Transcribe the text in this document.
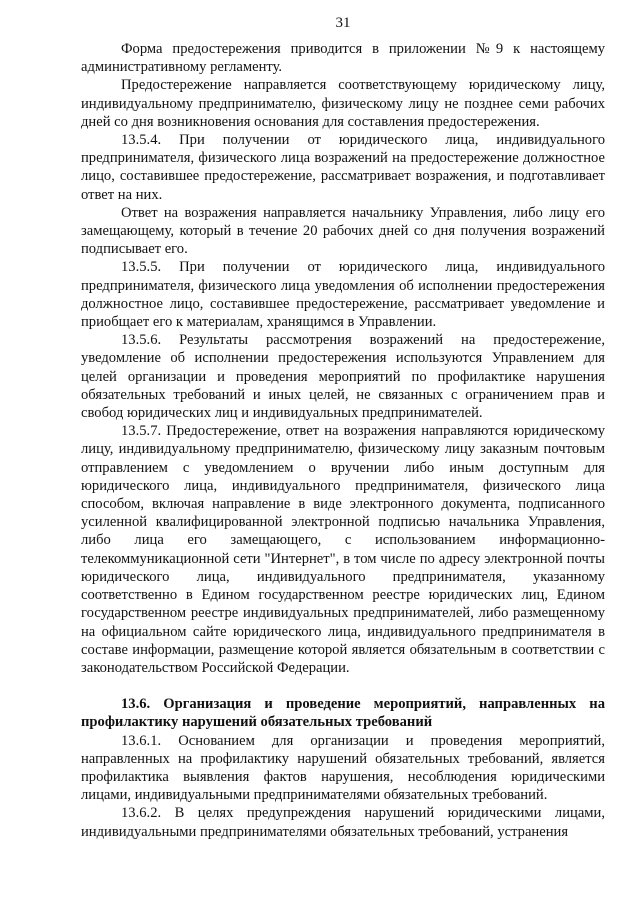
31

Форма предостережения приводится в приложении №9 к настоящему административному регламенту.

Предостережение направляется соответствующему юридическому лицу, индивидуальному предпринимателю, физическому лицу не позднее семи рабочих дней со дня возникновения основания для составления предостережения.

13.5.4. При получении от юридического лица, индивидуального предпринимателя, физического лица возражений на предостережение должностное лицо, составившее предостережение, рассматривает возражения, и подготавливает ответ на них.

Ответ на возражения направляется начальнику Управления, либо лицу его замещающему, который в течение 20 рабочих дней со дня получения возражений подписывает его.

13.5.5. При получении от юридического лица, индивидуального предпринимателя, физического лица уведомления об исполнении предостережения должностное лицо, составившее предостережение, рассматривает уведомление и приобщает его к материалам, хранящимся в Управлении.

13.5.6. Результаты рассмотрения возражений на предостережение, уведомление об исполнении предостережения используются Управлением для целей организации и проведения мероприятий по профилактике нарушения обязательных требований и иных целей, не связанных с ограничением прав и свобод юридических лиц и индивидуальных предпринимателей.

13.5.7. Предостережение, ответ на возражения направляются юридическому лицу, индивидуальному предпринимателю, физическому лицу заказным почтовым отправлением с уведомлением о вручении либо иным доступным для юридического лица, индивидуального предпринимателя, физического лица способом, включая направление в виде электронного документа, подписанного усиленной квалифицированной электронной подписью начальника Управления, либо лица его замещающего, с использованием информационно-телекоммуникационной сети "Интернет", в том числе по адресу электронной почты юридического лица, индивидуального предпринимателя, указанному соответственно в Едином государственном реестре юридических лиц, Едином государственном реестре индивидуальных предпринимателей, либо размещенному на официальном сайте юридического лица, индивидуального предпринимателя в составе информации, размещение которой является обязательным в соответствии с законодательством Российской Федерации.

13.6. Организация и проведение мероприятий, направленных на профилактику нарушений обязательных требований

13.6.1. Основанием для организации и проведения мероприятий, направленных на профилактику нарушений обязательных требований, является профилактика выявления фактов нарушения, несоблюдения юридическими лицами, индивидуальными предпринимателями обязательных требований.

13.6.2. В целях предупреждения нарушений юридическими лицами, индивидуальными предпринимателями обязательных требований, устранения
